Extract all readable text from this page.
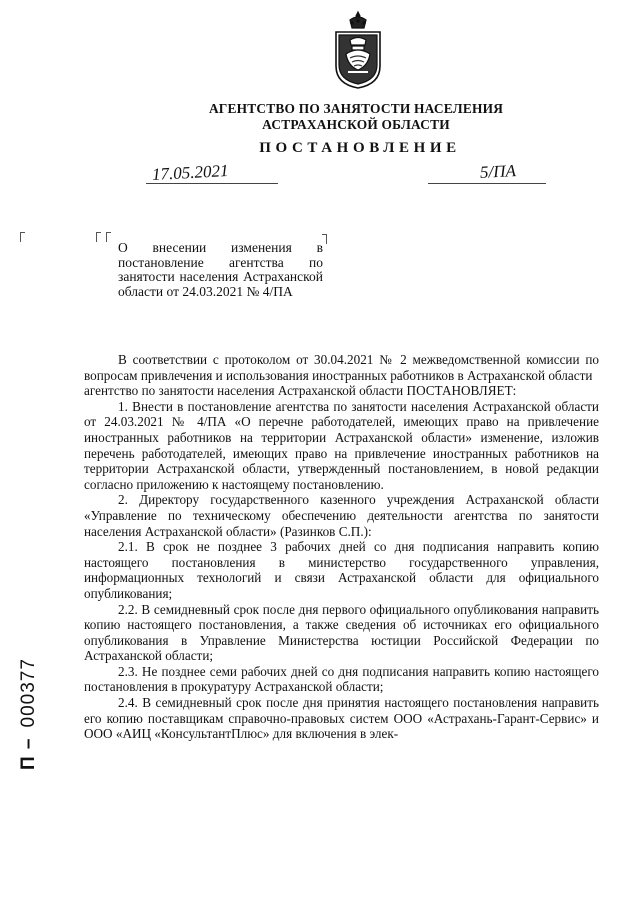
АГЕНТСТВО ПО ЗАНЯТОСТИ НАСЕЛЕНИЯ
АСТРАХАНСКОЙ ОБЛАСТИ
ПОСТАНОВЛЕНИЕ
17.05.2021	5/ПА
О внесении изменения в постановление агентства по занятости населения Астраханской области от 24.03.2021 № 4/ПА

В соответствии с протоколом от 30.04.2021 № 2 межведомственной комиссии по вопросам привлечения и использования иностранных работников в Астраханской области

агентство по занятости населения Астраханской области ПОСТАНОВЛЯЕТ:

1. Внести в постановление агентства по занятости населения Астраханской области от 24.03.2021 № 4/ПА «О перечне работодателей, имеющих право на привлечение иностранных работников на территории Астраханской области» изменение, изложив перечень работодателей, имеющих право на привлечение иностранных работников на территории Астраханской области, утвержденный постановлением, в новой редакции согласно приложению к настоящему постановлению.

2. Директору государственного казенного учреждения Астраханской области «Управление по техническому обеспечению деятельности агентства по занятости населения Астраханской области» (Разинков С.П.):

2.1. В срок не позднее 3 рабочих дней со дня подписания направить копию настоящего постановления в министерство государственного управления, информационных технологий и связи Астраханской области для официального опубликования;

2.2. В семидневный срок после дня первого официального опубликования направить копию настоящего постановления, а также сведения об источниках его официального опубликования в Управление Министерства юстиции Российской Федерации по Астраханской области;

2.3. Не позднее семи рабочих дней со дня подписания направить копию настоящего постановления в прокуратуру Астраханской области;

2.4. В семидневный срок после дня принятия настоящего постановления направить его копию поставщикам справочно-правовых систем ООО «Астрахань-Гарант-Сервис» и ООО «АИЦ «КонсультантПлюс» для включения в элек-

П –000377
